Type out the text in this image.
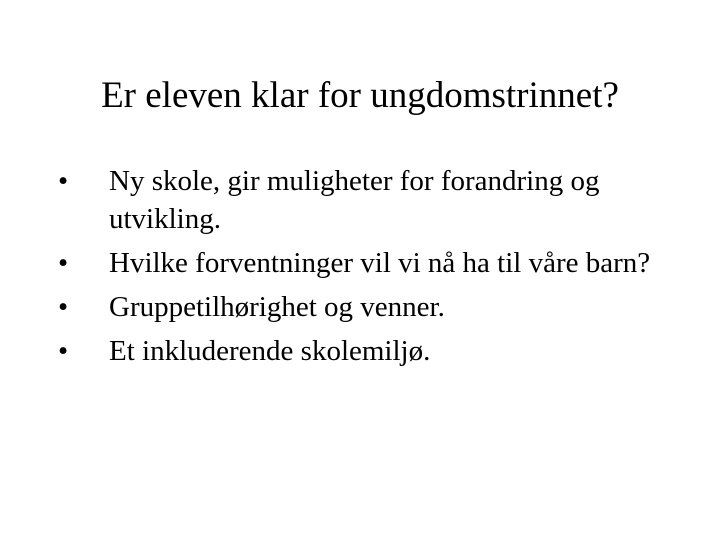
Er eleven klar for ungdomstrinnet?
•	Ny skole, gir muligheter for forandring og utvikling.
•	Hvilke forventninger vil vi nå ha til våre barn?
•	Gruppetilhørighet og venner.
•	Et inkluderende skolemiljø.
